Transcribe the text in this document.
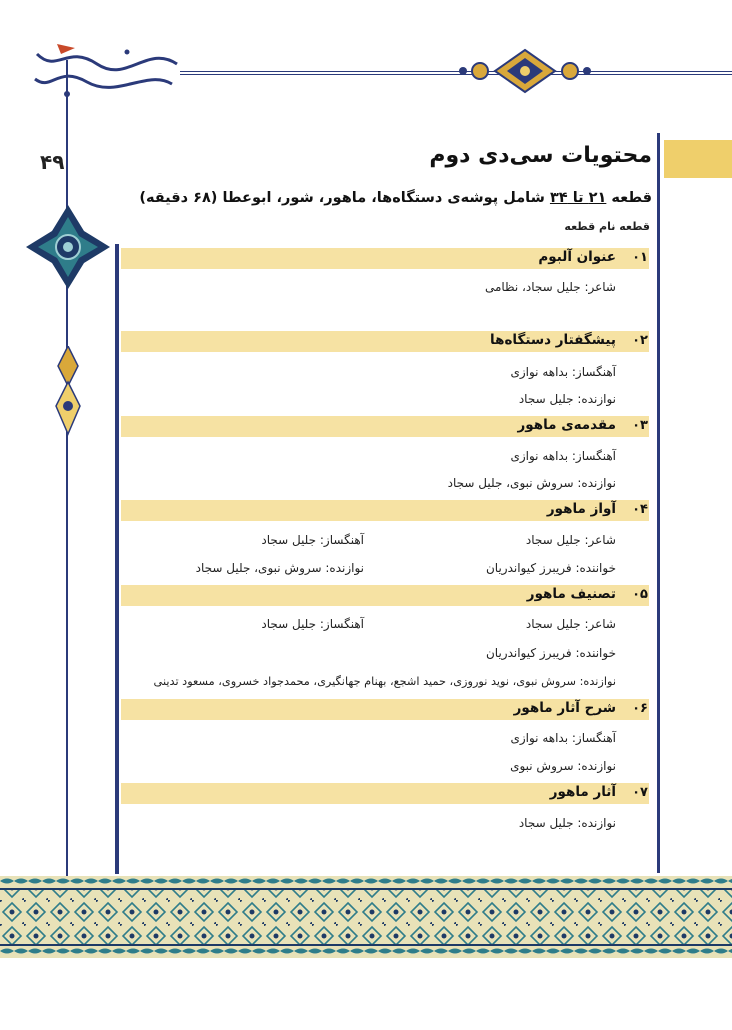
محتویات سی‌دی دوم
۴۹
قطعه ۲۱ تا ۳۴ شامل پوشه‌ی دستگاه‌ها، ماهور، شور، ابوعطا (۶۸ دقیقه)
قطعه نام قطعه
۰۱
عنوان آلبوم
شاعر: جلیل سجاد، نظامی
۰۲
پیشگفتار دستگاه‌ها
آهنگساز: بداهه نوازی
نوازنده: جلیل سجاد
۰۳
مقدمه‌ی ماهور
آهنگساز: بداهه نوازی
نوازنده: سروش نبوی، جلیل سجاد
۰۴
آواز ماهور
شاعر: جلیل سجاد
آهنگساز: جلیل سجاد
خواننده: فریبرز کیواندریان
نوازنده: سروش نبوی، جلیل سجاد
۰۵
تصنیف ماهور
شاعر: جلیل سجاد
آهنگساز: جلیل سجاد
خواننده: فریبرز کیواندریان
نوازنده: سروش نبوی، نوید نوروزی، حمید اشجع، بهنام جهانگیری، محمدجواد خسروی، مسعود تدینی
۰۶
شرح آثار ماهور
آهنگساز: بداهه نوازی
نوازنده: سروش نبوی
۰۷
آثار ماهور
نوازنده: جلیل سجاد
